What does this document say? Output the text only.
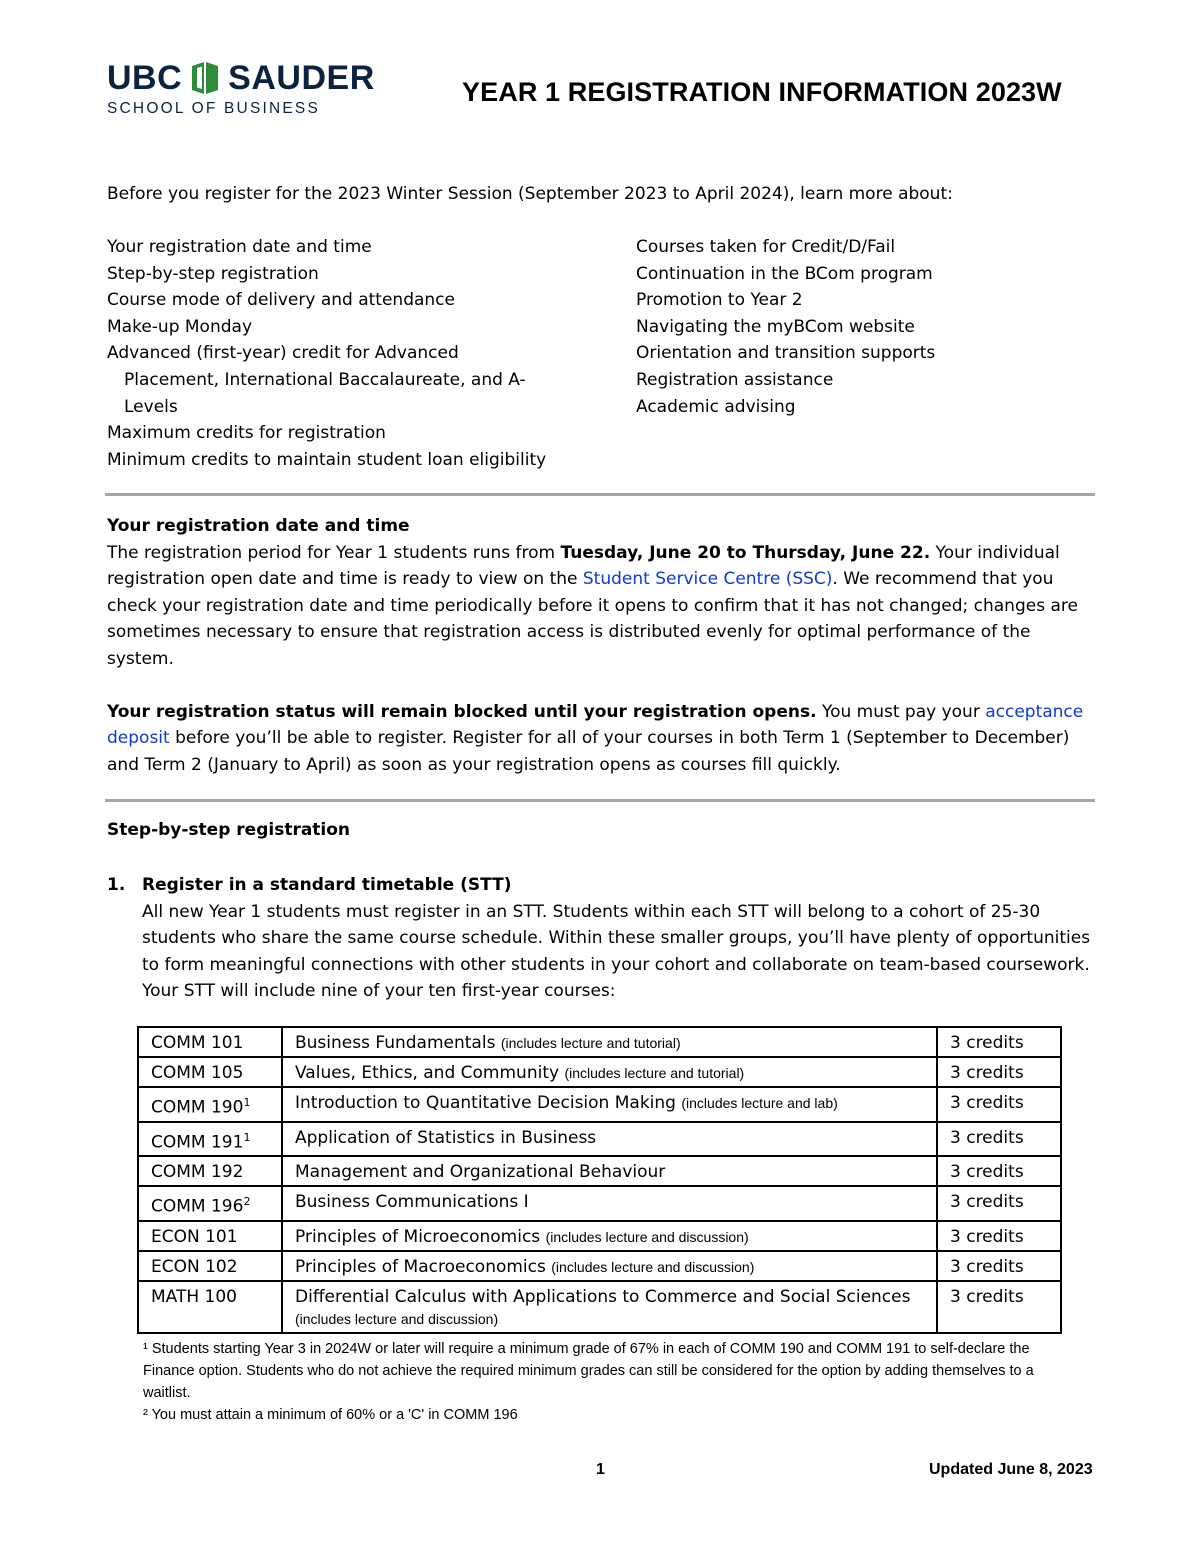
UBC SAUDER
SCHOOL OF BUSINESS
YEAR 1 REGISTRATION INFORMATION 2023W
Before you register for the 2023 Winter Session (September 2023 to April 2024), learn more about:
Your registration date and time
Step-by-step registration
Course mode of delivery and attendance
Make-up Monday
Advanced (first-year) credit for Advanced
Placement, International Baccalaureate, and A-Levels
Maximum credits for registration
Minimum credits to maintain student loan eligibility
Courses taken for Credit/D/Fail
Continuation in the BCom program
Promotion to Year 2
Navigating the myBCom website
Orientation and transition supports
Registration assistance
Academic advising
Your registration date and time
The registration period for Year 1 students runs from Tuesday, June 20 to Thursday, June 22. Your individual registration open date and time is ready to view on the Student Service Centre (SSC). We recommend that you check your registration date and time periodically before it opens to confirm that it has not changed; changes are sometimes necessary to ensure that registration access is distributed evenly for optimal performance of the system.
Your registration status will remain blocked until your registration opens. You must pay your acceptance deposit before you’ll be able to register. Register for all of your courses in both Term 1 (September to December) and Term 2 (January to April) as soon as your registration opens as courses fill quickly.
Step-by-step registration
1. Register in a standard timetable (STT)
All new Year 1 students must register in an STT. Students within each STT will belong to a cohort of 25-30 students who share the same course schedule. Within these smaller groups, you’ll have plenty of opportunities to form meaningful connections with other students in your cohort and collaborate on team-based coursework. Your STT will include nine of your ten first-year courses:
COMM 101	Business Fundamentals (includes lecture and tutorial)	3 credits
COMM 105	Values, Ethics, and Community (includes lecture and tutorial)	3 credits
COMM $190^1$	Introduction to Quantitative Decision Making (includes lecture and lab)	3 credits
COMM $191^1$	Application of Statistics in Business	3 credits
COMM 192	Management and Organizational Behaviour	3 credits
COMM $196^2$	Business Communications I	3 credits
ECON 101	Principles of Microeconomics (includes lecture and discussion)	3 credits
ECON 102	Principles of Macroeconomics (includes lecture and discussion)	3 credits
MATH 100	Differential Calculus with Applications to Commerce and Social Sciences
(includes lecture and discussion)	3 credits
¹ Students starting Year 3 in 2024W or later will require a minimum grade of 67% in each of COMM 190 and COMM 191 to self-declare the Finance option. Students who do not achieve the required minimum grades can still be considered for the option by adding themselves to a waitlist.
² You must attain a minimum of 60% or a 'C' in COMM 196
1	Updated June 8, 2023
